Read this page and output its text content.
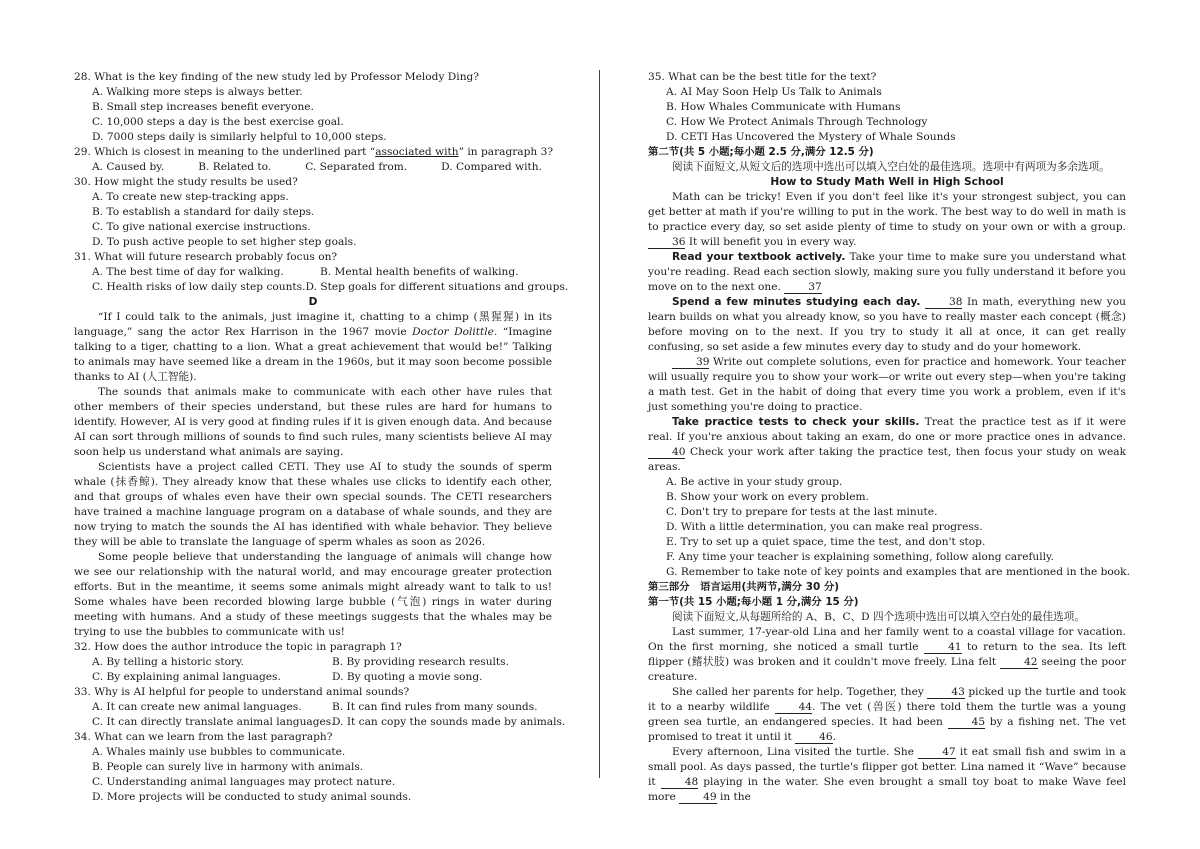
28. What is the key finding of the new study led by Professor Melody Ding?

A. Walking more steps is always better.

B. Small step increases benefit everyone.

C. 10,000 steps a day is the best exercise goal.

D. 7000 steps daily is similarly helpful to 10,000 steps.

29. Which is closest in meaning to the underlined part “associated with” in paragraph 3?

A. Caused by.	B. Related to.	C. Separated from.	D. Compared with.

30. How might the study results be used?

A. To create new step-tracking apps.

B. To establish a standard for daily steps.

C. To give national exercise instructions.

D. To push active people to set higher step goals.

31. What will future research probably focus on?

A. The best time of day for walking.	B. Mental health benefits of walking.
C. Health risks of low daily step counts. D. Step goals for different situations and groups.

D

“If I could talk to the animals, just imagine it, chatting to a chimp (黑猩猩) in its language,” sang the actor Rex Harrison in the 1967 movie Doctor Dolittle. “Imagine talking to a tiger, chatting to a lion. What a great achievement that would be!” Talking to animals may have seemed like a dream in the 1960s, but it may soon become possible thanks to AI (人工智能).

The sounds that animals make to communicate with each other have rules that other members of their species understand, but these rules are hard for humans to identify. However, AI is very good at finding rules if it is given enough data. And because AI can sort through millions of sounds to find such rules, many scientists believe AI may soon help us understand what animals are saying.

Scientists have a project called CETI. They use AI to study the sounds of sperm whale (抹香鲸). They already know that these whales use clicks to identify each other, and that groups of whales even have their own special sounds. The CETI researchers have trained a machine language program on a database of whale sounds, and they are now trying to match the sounds the AI has identified with whale behavior. They believe they will be able to translate the language of sperm whales as soon as 2026.

Some people believe that understanding the language of animals will change how we see our relationship with the natural world, and may encourage greater protection efforts. But in the meantime, it seems some animals might already want to talk to us! Some whales have been recorded blowing large bubble (气泡) rings in water during meeting with humans. And a study of these meetings suggests that the whales may be trying to use the bubbles to communicate with us!

32. How does the author introduce the topic in paragraph 1?

A. By telling a historic story.	B. By providing research results.
C. By explaining animal languages.	D. By quoting a movie song.

33. Why is AI helpful for people to understand animal sounds?

A. It can create new animal languages.	B. It can find rules from many sounds.
C. It can directly translate animal languages.
D. It can copy the sounds made by animals.

34. What can we learn from the last paragraph?

A. Whales mainly use bubbles to communicate.

B. People can surely live in harmony with animals.

C. Understanding animal languages may protect nature.

D. More projects will be conducted to study animal sounds.

35. What can be the best title for the text?

A. AI May Soon Help Us Talk to Animals

B. How Whales Communicate with Humans

C. How We Protect Animals Through Technology

D. CETI Has Uncovered the Mystery of Whale Sounds

第二节(共 5 小题;每小题 2.5 分,满分 12.5 分)

阅读下面短文,从短文后的选项中选出可以填入空白处的最佳选项。选项中有两项为多余选项。

How to Study Math Well in High School

Math can be tricky! Even if you don't feel like it's your strongest subject, you can get better at math if you're willing to put in the work. The best way to do well in math is to practice every day, so set aside plenty of time to study on your own or with a group. 36 It will benefit you in every way.

Read your textbook actively. Take your time to make sure you understand what you're reading. Read each section slowly, making sure you fully understand it before you move on to the next one. 37

Spend a few minutes studying each day.	38 In math, everything new you learn builds on what you already know, so you have to really master each concept (概念) before moving on to the next. If you try to study it all at once, it can get really confusing, so set aside a few minutes every day to study and do your homework.

39 Write out complete solutions, even for practice and homework. Your teacher will usually require you to show your work—or write out every step—when you're taking a math test. Get in the habit of doing that every time you work a problem, even if it's just something you're doing to practice.

Take practice tests to check your skills. Treat the practice test as if it were real. If you're anxious about taking an exam, do one or more practice ones in advance. 40 Check your work after taking the practice test, then focus your study on weak areas.

A. Be active in your study group.

B. Show your work on every problem.

C. Don't try to prepare for tests at the last minute.

D. With a little determination, you can make real progress.

E. Try to set up a quiet space, time the test, and don't stop.

F. Any time your teacher is explaining something, follow along carefully.

G. Remember to take note of key points and examples that are mentioned in the book.

第三部分　语言运用(共两节,满分 30 分)

第一节(共 15 小题;每小题 1 分,满分 15 分)

阅读下面短文,从每题所给的 A、B、C、D 四个选项中选出可以填入空白处的最佳选项。

Last summer, 17-year-old Lina and her family went to a coastal village for vacation. On the first morning, she noticed a small turtle 41 to return to the sea. Its left flipper (鳍状肢) was broken and it couldn't move freely. Lina felt 42 seeing the poor creature.

She called her parents for help. Together, they 43 picked up the turtle and took it to a nearby wildlife 44. The vet (兽医) there told them the turtle was a young green sea turtle, an endangered species. It had been 45 by a fishing net. The vet promised to treat it until it 46.

Every afternoon, Lina visited the turtle. She 47 it eat small fish and swim in a small pool. As days passed, the turtle's flipper got better. Lina named it “Wave” because it 48 playing in the water. She even brought a small toy boat to make Wave feel more 49 in the
